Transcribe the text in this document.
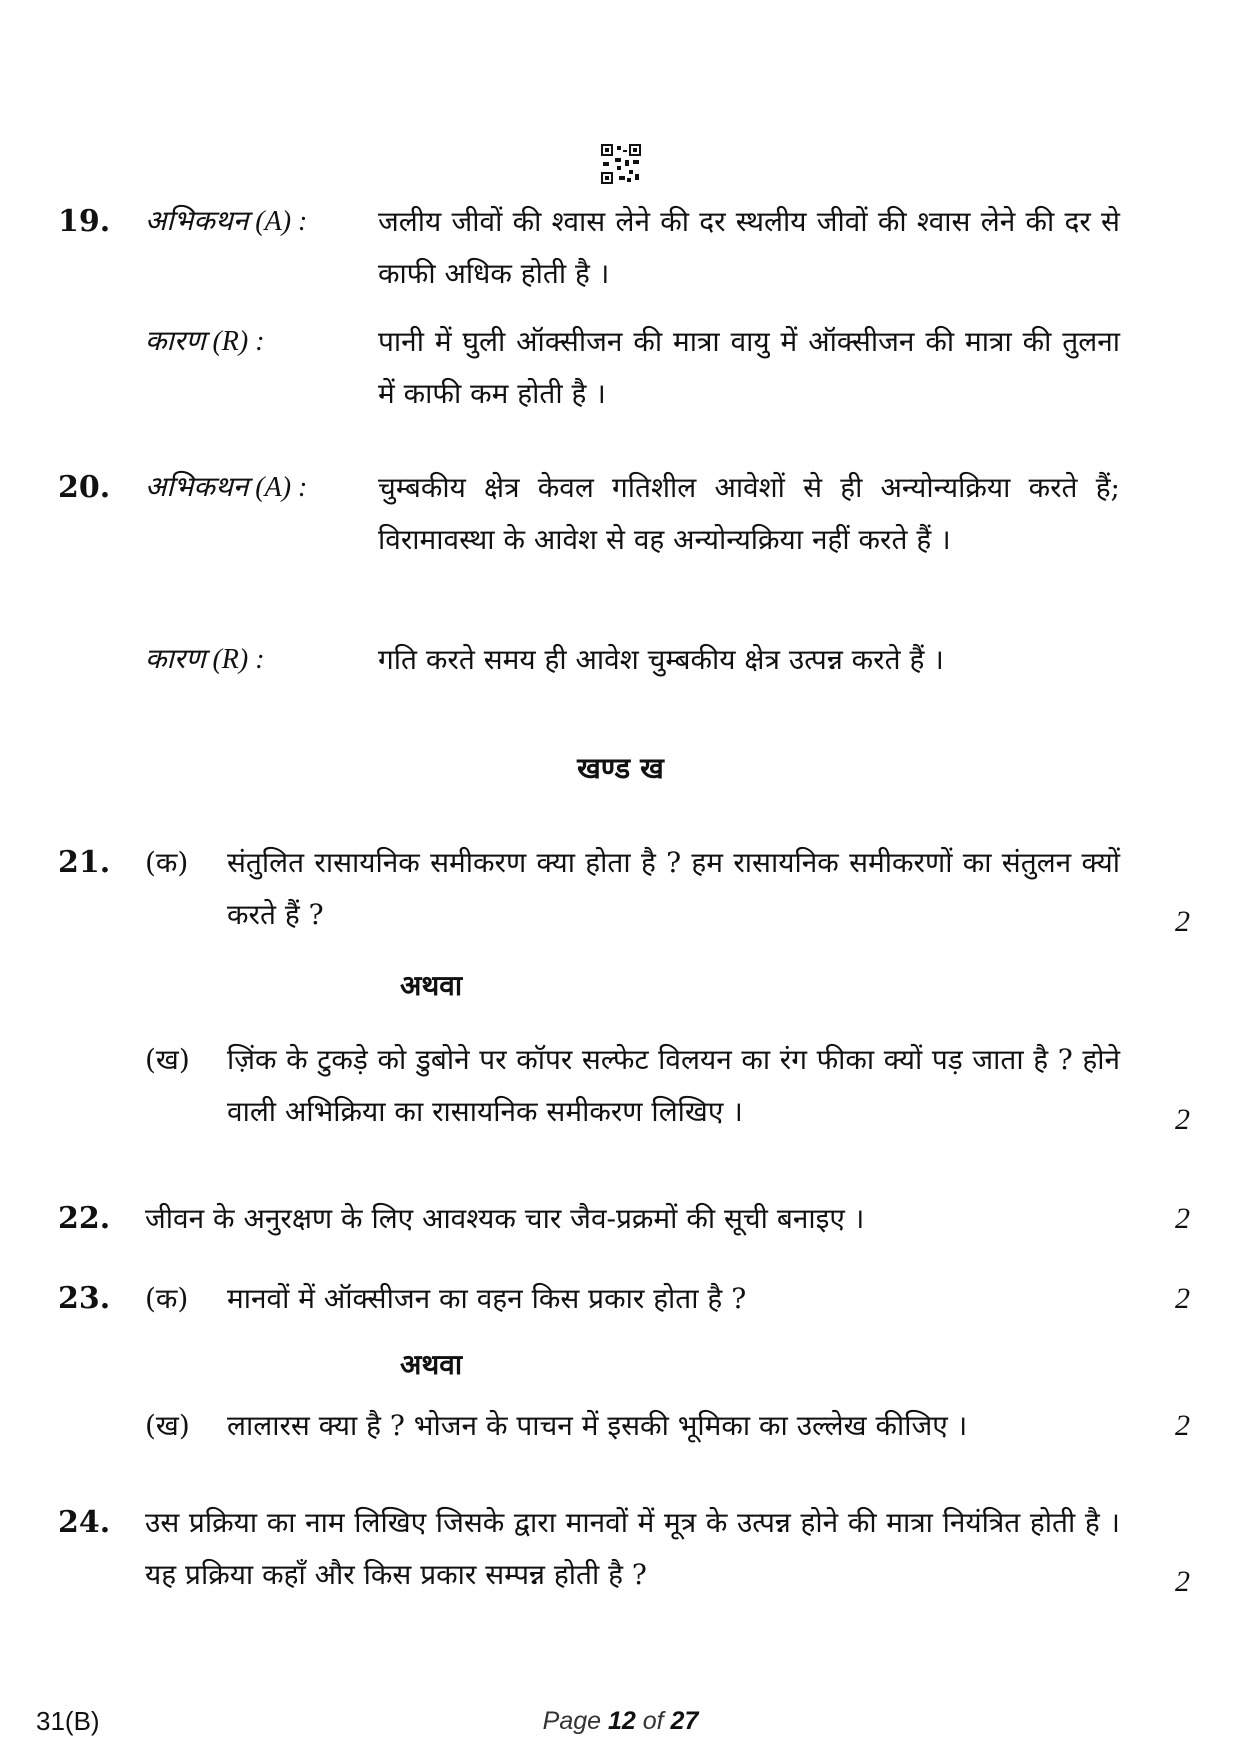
19. अभिकथन (A) :	जलीय जीवों की श्वास लेने की दर स्थलीय जीवों की श्वास लेने की दर से काफी अधिक होती है ।
कारण (R) :	पानी में घुली ऑक्सीजन की मात्रा वायु में ऑक्सीजन की मात्रा की तुलना में काफी कम होती है ।
20. अभिकथन (A) :	चुम्बकीय क्षेत्र केवल गतिशील आवेशों से ही अन्योन्यक्रिया करते हैं; विरामावस्था के आवेश से वह अन्योन्यक्रिया नहीं करते हैं ।
कारण (R) :	गति करते समय ही आवेश चुम्बकीय क्षेत्र उत्पन्न करते हैं ।
खण्ड ख
21. (क) संतुलित रासायनिक समीकरण क्या होता है ? हम रासायनिक समीकरणों का संतुलन क्यों करते हैं ?	2
अथवा
(ख) ज़िंक के टुकड़े को डुबोने पर कॉपर सल्फेट विलयन का रंग फीका क्यों पड़ जाता है ? होने वाली अभिक्रिया का रासायनिक समीकरण लिखिए ।	2
22. जीवन के अनुरक्षण के लिए आवश्यक चार जैव-प्रक्रमों की सूची बनाइए ।	2
23. (क) मानवों में ऑक्सीजन का वहन किस प्रकार होता है ?	2
अथवा
(ख) लालारस क्या है ? भोजन के पाचन में इसकी भूमिका का उल्लेख कीजिए ।	2
24. उस प्रक्रिया का नाम लिखिए जिसके द्वारा मानवों में मूत्र के उत्पन्न होने की मात्रा नियंत्रित होती है । यह प्रक्रिया कहाँ और किस प्रकार सम्पन्न होती है ?	2
31(B)	Page 12 of 27
